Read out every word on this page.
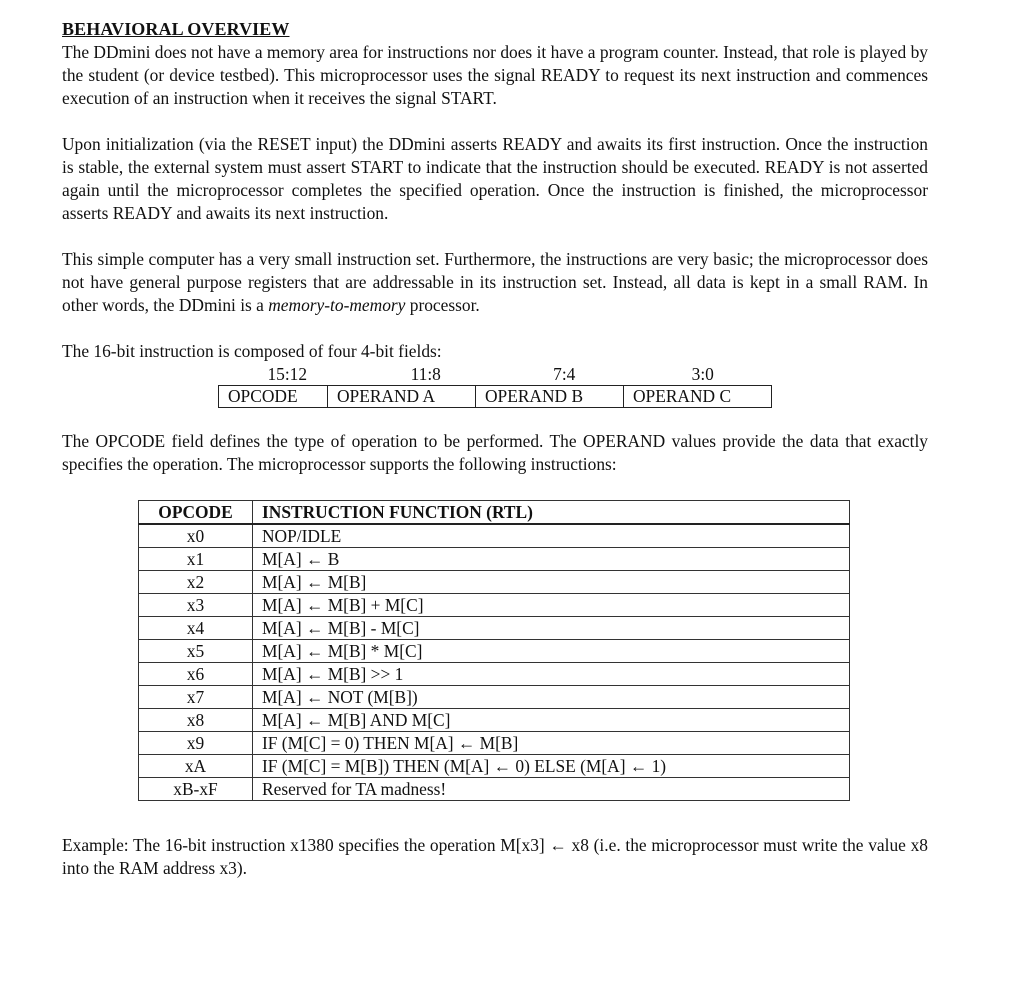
BEHAVIORAL OVERVIEW

The DDmini does not have a memory area for instructions nor does it have a program counter. Instead, that role is played by the student (or device testbed). This microprocessor uses the signal READY to request its next instruction and commences execution of an instruction when it receives the signal START.

Upon initialization (via the RESET input) the DDmini asserts READY and awaits its first instruction. Once the instruction is stable, the external system must assert START to indicate that the instruction should be executed. READY is not asserted again until the microprocessor completes the specified operation. Once the instruction is finished, the microprocessor asserts READY and awaits its next instruction.

This simple computer has a very small instruction set. Furthermore, the instructions are very basic; the microprocessor does not have general purpose registers that are addressable in its instruction set. Instead, all data is kept in a small RAM. In other words, the DDmini is a memory-to-memory processor.

The 16-bit instruction is composed of four 4-bit fields:

15:12	11:8	7:4	3:0
OPCODE	OPERAND A	OPERAND B	OPERAND C

The OPCODE field defines the type of operation to be performed. The OPERAND values provide the data that exactly specifies the operation. The microprocessor supports the following instructions:

OPCODE	INSTRUCTION FUNCTION (RTL)
x0	NOP/IDLE
x1	M[A] ← B
x2	M[A] ← M[B]
x3	M[A] ← M[B] + M[C]
x4	M[A] ← M[B] - M[C]
x5	M[A] ← M[B] * M[C]
x6	M[A] ← M[B] >> 1
x7	M[A] ← NOT (M[B])
x8	M[A] ← M[B] AND M[C]
x9	IF (M[C] = 0) THEN M[A] ← M[B]
xA	IF (M[C] = M[B]) THEN (M[A] ← 0) ELSE (M[A] ← 1)
xB-xF	Reserved for TA madness!

Example: The 16-bit instruction x1380 specifies the operation M[x3] ← x8 (i.e. the microprocessor must write the value x8 into the RAM address x3).
